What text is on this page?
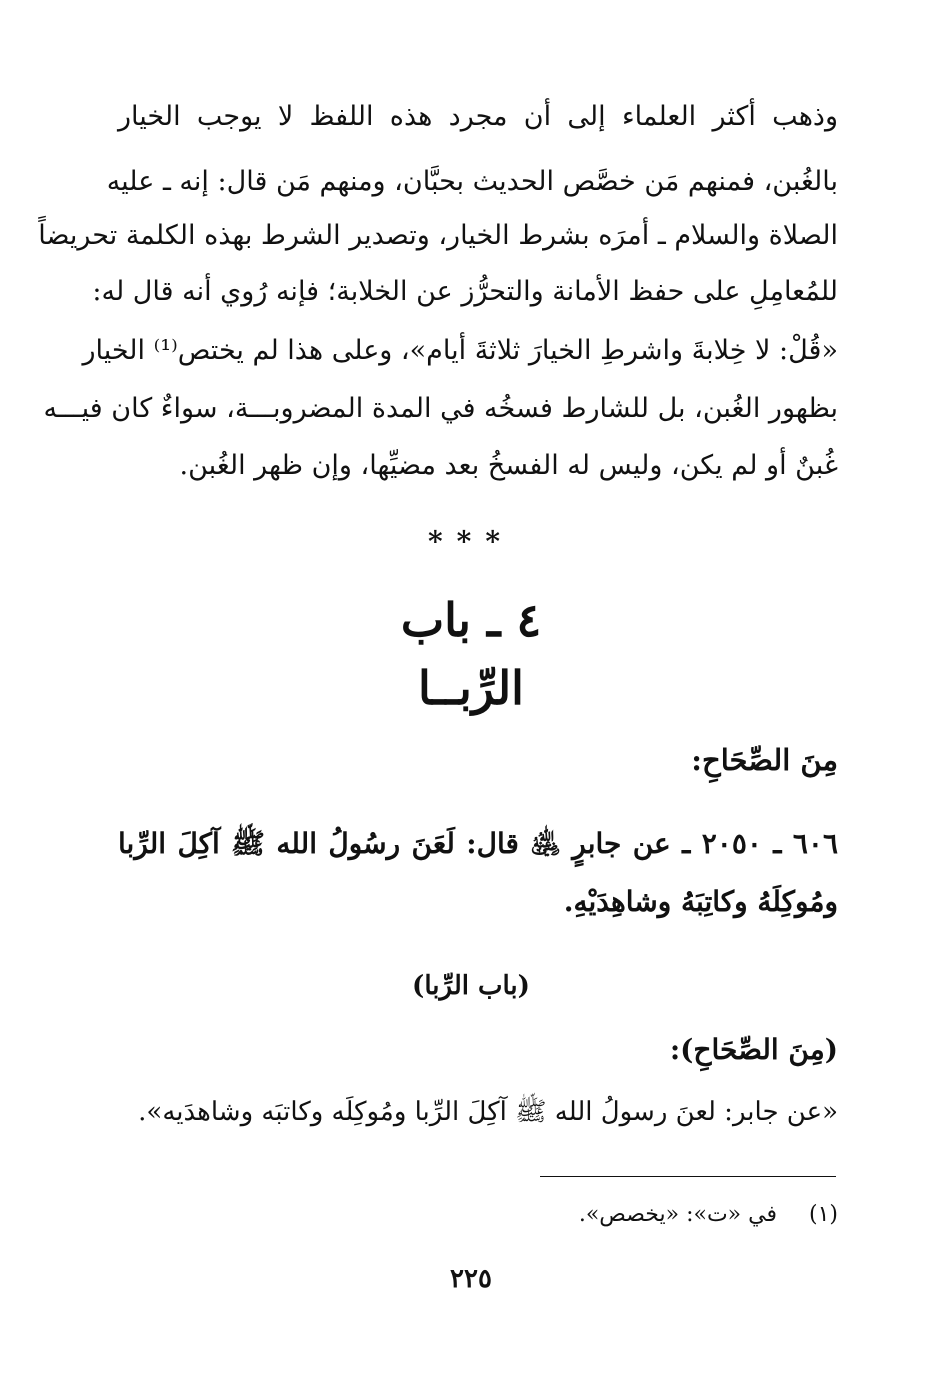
وذهب أكثر العلماء إلى أن مجرد هذه اللفظ لا يوجب الخيار
بالغُبن، فمنهم مَن خصَّص الحديث بحبَّان، ومنهم مَن قال: إنه ـ عليه
الصلاة والسلام ـ أمرَه بشرط الخيار، وتصدير الشرط بهذه الكلمة تحريضاً
للمُعامِلِ على حفظ الأمانة والتحرُّز عن الخلابة؛ فإنه رُوي أنه قال له:
«قُلْ: لا خِلابةَ واشرطِ الخيارَ ثلاثةَ أيام»، وعلى هذا لم يختص⁽¹⁾ الخيار
بظهور الغُبن، بل للشارط فسخُه في المدة المضروبـــة، سواءٌ كان فيـــه
غُبنٌ أو لم يكن، وليس له الفسخُ بعد مضيِّها، وإن ظهر الغُبن.
***
٤ ـ باب
الرِّبــا
مِنَ الصِّحَاحِ:
٦٠٦ ـ ٢٠٥٠ ـ عن جابرٍ ﵁ قال: لَعَنَ رسُولُ الله ﷺ آكِلَ الرِّبا
ومُوكِلَهُ وكاتِبَهُ وشاهِدَيْهِ.
(باب الرِّبا)
(مِنَ الصِّحَاحِ):
«عن جابر: لعنَ رسولُ الله ﷺ آكِلَ الرِّبا ومُوكِلَه وكاتبَه وشاهدَيه».
(١)  في «ت»: «يخصص».
٢٢٥
